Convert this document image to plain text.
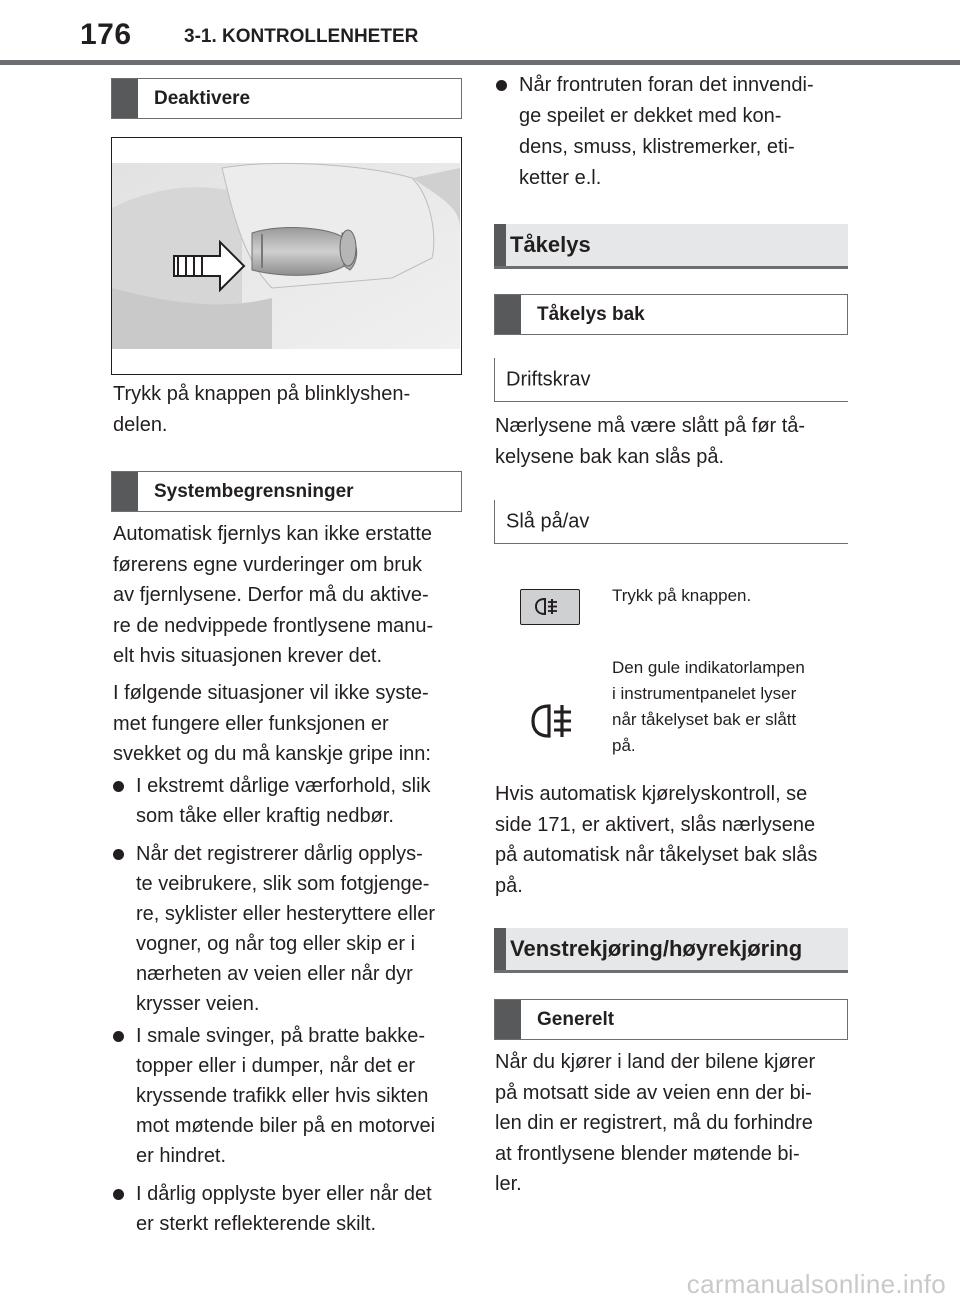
176	3-1. KONTROLLENHETER
Deaktivere
Trykk på knappen på blinklyshen-
delen.
Systembegrensninger
Automatisk fjernlys kan ikke erstatte
førerens egne vurderinger om bruk
av fjernlysene. Derfor må du aktive-
re de nedvippede frontlysene manu-
elt hvis situasjonen krever det.
I følgende situasjoner vil ikke syste-
met fungere eller funksjonen er
svekket og du må kanskje gripe inn:
I ekstremt dårlige værforhold, slik
som tåke eller kraftig nedbør.
Når det registrerer dårlig opplys-
te veibrukere, slik som fotgjenge-
re, syklister eller hesteryttere eller
vogner, og når tog eller skip er i
nærheten av veien eller når dyr
krysser veien.
I smale svinger, på bratte bakke-
topper eller i dumper, når det er
kryssende trafikk eller hvis sikten
mot møtende biler på en motorvei
er hindret.
I dårlig opplyste byer eller når det
er sterkt reflekterende skilt.
Når frontruten foran det innvendi-
ge speilet er dekket med kon-
dens, smuss, klistremerker, eti-
ketter e.l.
Tåkelys
Tåkelys bak
Driftskrav
Nærlysene må være slått på før tå-
kelysene bak kan slås på.
Slå på/av
Trykk på knappen.
Den gule indikatorlampen
i instrumentpanelet lyser
når tåkelyset bak er slått
på.
Hvis automatisk kjørelyskontroll, se
side 171, er aktivert, slås nærlysene
på automatisk når tåkelyset bak slås
på.
Venstrekjøring/høyrekjøring
Generelt
Når du kjører i land der bilene kjører
på motsatt side av veien enn der bi-
len din er registrert, må du forhindre
at frontlysene blender møtende bi-
ler.
carmanualsonline.info
